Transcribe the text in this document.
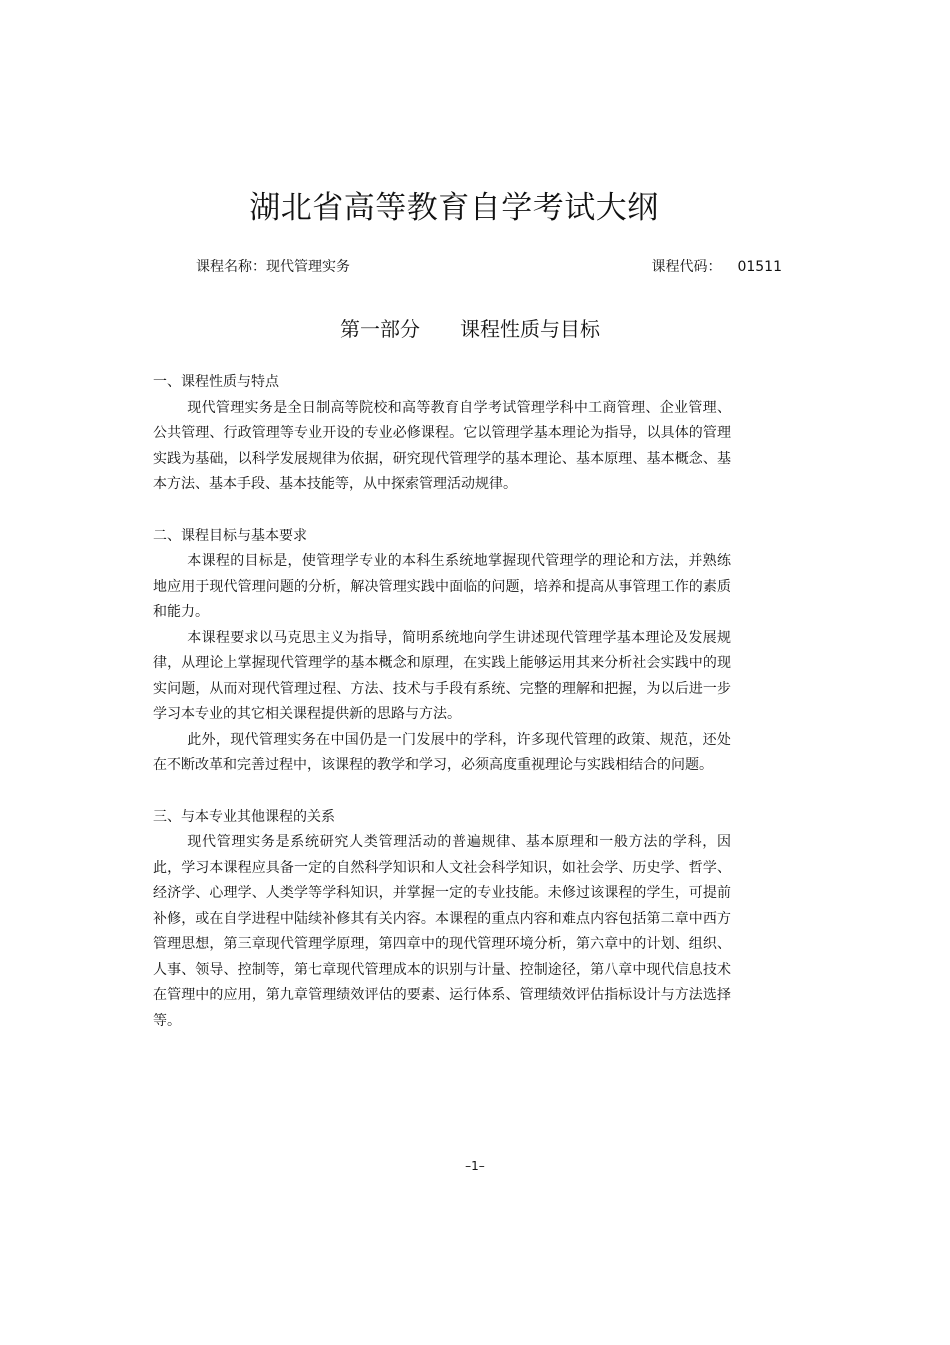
湖北省高等教育自学考试大纲
课程名称：现代管理实务	课程代码： 01511
第一部分 课程性质与目标
一、课程性质与特点

现代管理实务是全日制高等院校和高等教育自学考试管理学科中工商管理、企业管理、公共管理、行政管理等专业开设的专业必修课程。它以管理学基本理论为指导，以具体的管理实践为基础，以科学发展规律为依据，研究现代管理学的基本理论、基本原理、基本概念、基本方法、基本手段、基本技能等，从中探索管理活动规律。

二、课程目标与基本要求

本课程的目标是，使管理学专业的本科生系统地掌握现代管理学的理论和方法，并熟练地应用于现代管理问题的分析，解决管理实践中面临的问题，培养和提高从事管理工作的素质和能力。

本课程要求以马克思主义为指导，简明系统地向学生讲述现代管理学基本理论及发展规律，从理论上掌握现代管理学的基本概念和原理，在实践上能够运用其来分析社会实践中的现实问题，从而对现代管理过程、方法、技术与手段有系统、完整的理解和把握，为以后进一步学习本专业的其它相关课程提供新的思路与方法。

此外，现代管理实务在中国仍是一门发展中的学科，许多现代管理的政策、规范，还处在不断改革和完善过程中，该课程的教学和学习，必须高度重视理论与实践相结合的问题。

三、与本专业其他课程的关系

现代管理实务是系统研究人类管理活动的普遍规律、基本原理和一般方法的学科，因此，学习本课程应具备一定的自然科学知识和人文社会科学知识，如社会学、历史学、哲学、经济学、心理学、人类学等学科知识，并掌握一定的专业技能。未修过该课程的学生，可提前补修，或在自学进程中陆续补修其有关内容。本课程的重点内容和难点内容包括第二章中西方管理思想，第三章现代管理学原理，第四章中的现代管理环境分析，第六章中的计划、组织、人事、领导、控制等，第七章现代管理成本的识别与计量、控制途径，第八章中现代信息技术在管理中的应用，第九章管理绩效评估的要素、运行体系、管理绩效评估指标设计与方法选择等。

–1–
